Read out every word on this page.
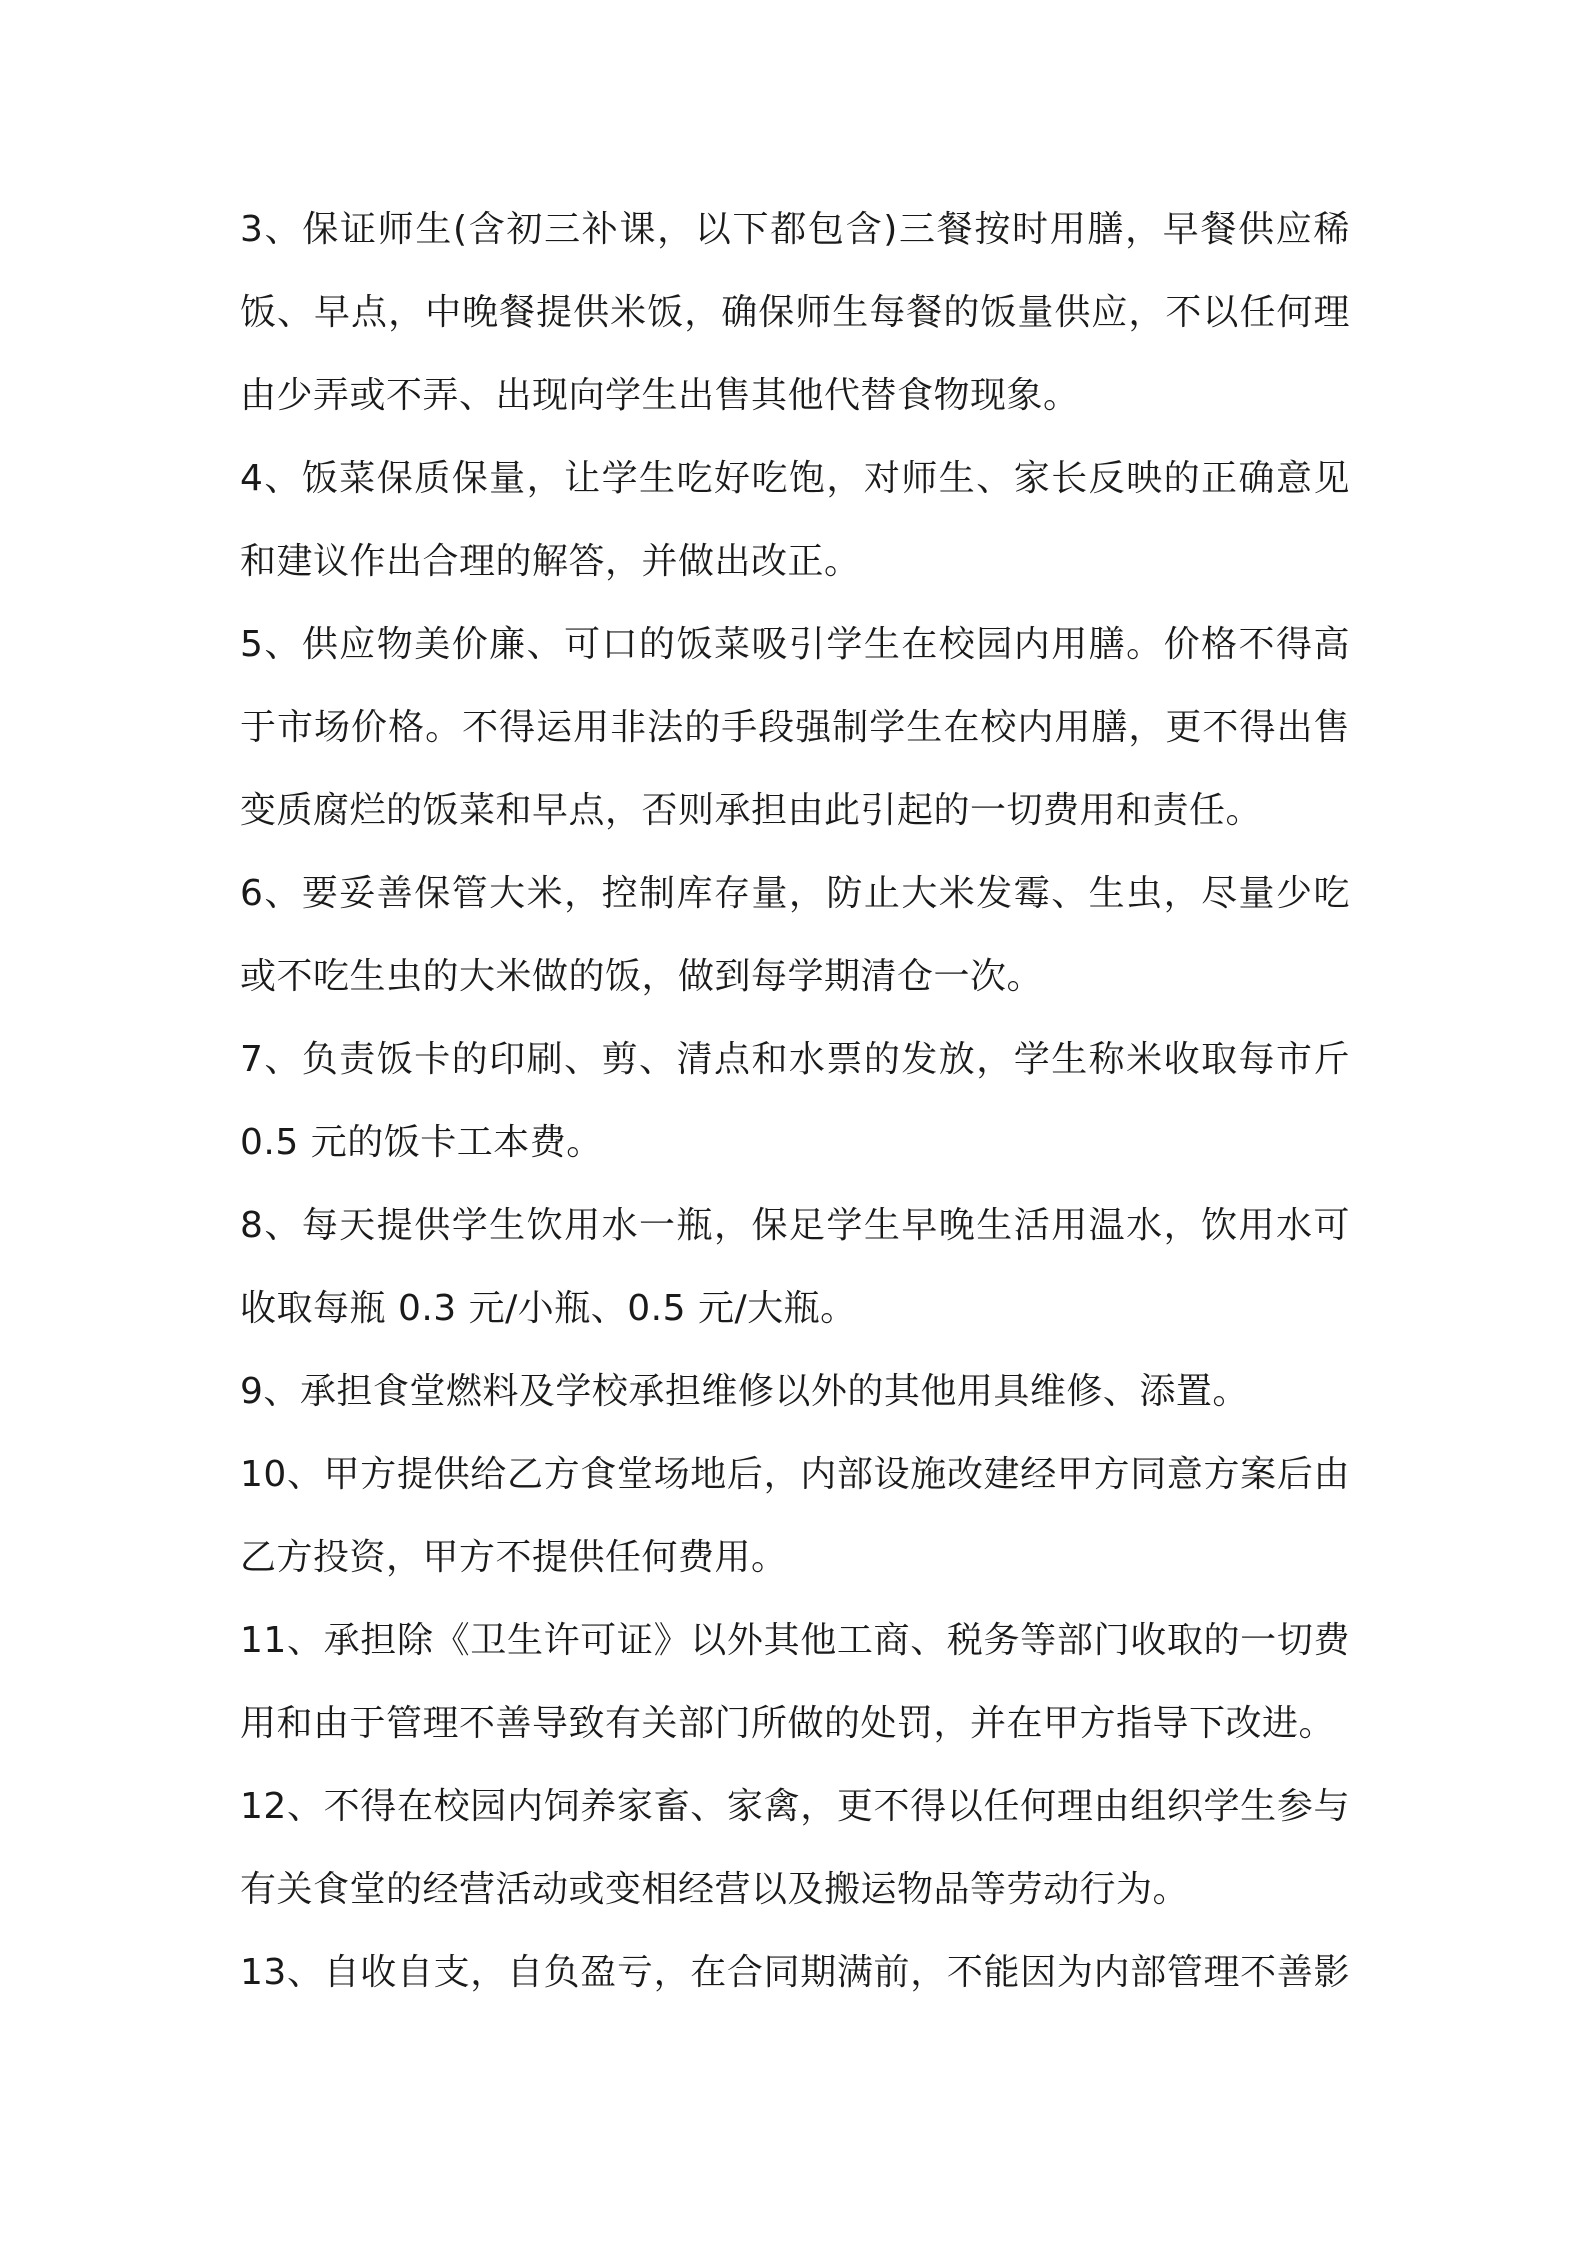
3、保证师生(含初三补课，以下都包含)三餐按时用膳，早餐供应稀
饭、早点，中晚餐提供米饭，确保师生每餐的饭量供应，不以任何理
由少弄或不弄、出现向学生出售其他代替食物现象。
4、饭菜保质保量，让学生吃好吃饱，对师生、家长反映的正确意见
和建议作出合理的解答，并做出改正。
5、供应物美价廉、可口的饭菜吸引学生在校园内用膳。价格不得高
于市场价格。不得运用非法的手段强制学生在校内用膳，更不得出售
变质腐烂的饭菜和早点，否则承担由此引起的一切费用和责任。
6、要妥善保管大米，控制库存量，防止大米发霉、生虫，尽量少吃
或不吃生虫的大米做的饭，做到每学期清仓一次。
7、负责饭卡的印刷、剪、清点和水票的发放，学生称米收取每市斤
0.5 元的饭卡工本费。
8、每天提供学生饮用水一瓶，保足学生早晚生活用温水，饮用水可
收取每瓶 0.3 元/小瓶、0.5 元/大瓶。
9、承担食堂燃料及学校承担维修以外的其他用具维修、添置。
10、甲方提供给乙方食堂场地后，内部设施改建经甲方同意方案后由
乙方投资，甲方不提供任何费用。
11、承担除《卫生许可证》以外其他工商、税务等部门收取的一切费
用和由于管理不善导致有关部门所做的处罚，并在甲方指导下改进。
12、不得在校园内饲养家畜、家禽，更不得以任何理由组织学生参与
有关食堂的经营活动或变相经营以及搬运物品等劳动行为。
13、自收自支，自负盈亏，在合同期满前，不能因为内部管理不善影
